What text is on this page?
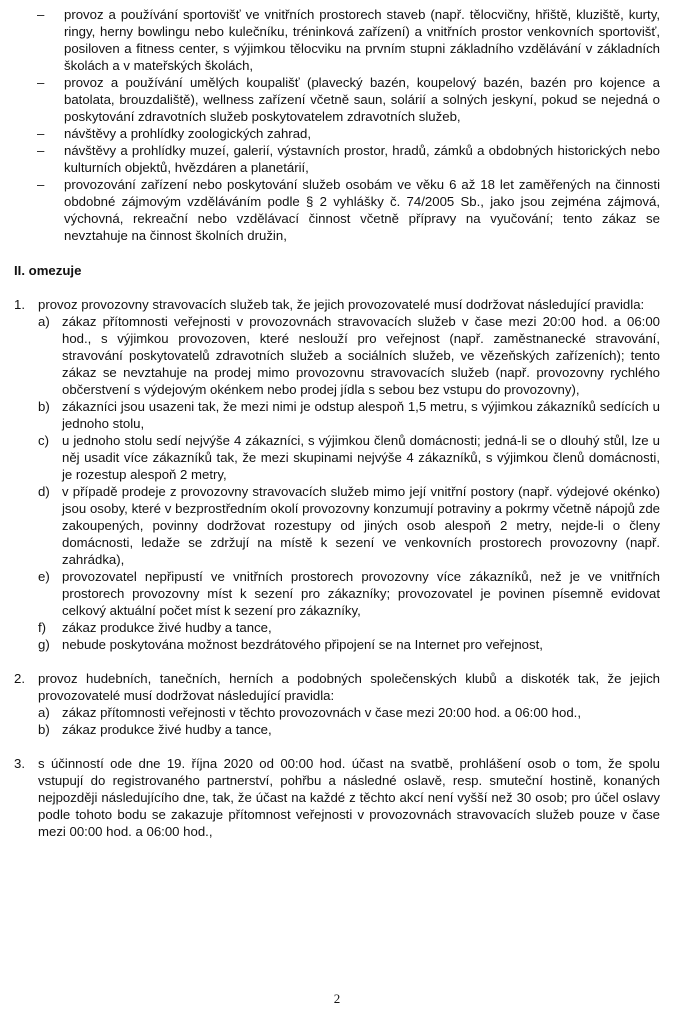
–	provoz a používání sportovišť ve vnitřních prostorech staveb (např. tělocvičny, hřiště, kluziště, kurty, ringy, herny bowlingu nebo kulečníku, tréninková zařízení) a vnitřních prostor venkovních sportovišť, posiloven a fitness center, s výjimkou tělocviku na prvním stupni základního vzdělávání v základních školách a v mateřských školách,
–	provoz a používání umělých koupališť (plavecký bazén, koupelový bazén, bazén pro kojence a batolata, brouzdaliště), wellness zařízení včetně saun, solárií a solných jeskyní, pokud se nejedná o poskytování zdravotních služeb poskytovatelem zdravotních služeb,
–	návštěvy a prohlídky zoologických zahrad,
–	návštěvy a prohlídky muzeí, galerií, výstavních prostor, hradů, zámků a obdobných historických nebo kulturních objektů, hvězdáren a planetárií,
–	provozování zařízení nebo poskytování služeb osobám ve věku 6 až 18 let zaměřených na činnosti obdobné zájmovým vzděláváním podle § 2 vyhlášky č. 74/2005 Sb., jako jsou zejména zájmová, výchovná, rekreační nebo vzdělávací činnost včetně přípravy na vyučování; tento zákaz se nevztahuje na činnost školních družin,
II. omezuje
1. provoz provozovny stravovacích služeb tak, že jejich provozovatelé musí dodržovat následující pravidla:
a) zákaz přítomnosti veřejnosti v provozovnách stravovacích služeb v čase mezi 20:00 hod. a 06:00 hod., s výjimkou provozoven, které neslouží pro veřejnost (např. zaměstnanecké stravování, stravování poskytovatelů zdravotních služeb a sociálních služeb, ve vězeňských zařízeních); tento zákaz se nevztahuje na prodej mimo provozovnu stravovacích služeb (např. provozovny rychlého občerstvení s výdejovým okénkem nebo prodej jídla s sebou bez vstupu do provozovny),
b) zákazníci jsou usazeni tak, že mezi nimi je odstup alespoň 1,5 metru, s výjimkou zákazníků sedících u jednoho stolu,
c) u jednoho stolu sedí nejvýše 4 zákazníci, s výjimkou členů domácnosti; jedná-li se o dlouhý stůl, lze u něj usadit více zákazníků tak, že mezi skupinami nejvýše 4 zákazníků, s výjimkou členů domácnosti, je rozestup alespoň 2 metry,
d) v případě prodeje z provozovny stravovacích služeb mimo její vnitřní postory (např. výdejové okénko) jsou osoby, které v bezprostředním okolí provozovny konzumují potraviny a pokrmy včetně nápojů zde zakoupených, povinny dodržovat rozestupy od jiných osob alespoň 2 metry, nejde-li o členy domácnosti, ledaže se zdržují na místě k sezení ve venkovních prostorech provozovny (např. zahrádka),
e) provozovatel nepřipustí ve vnitřních prostorech provozovny více zákazníků, než je ve vnitřních prostorech provozovny míst k sezení pro zákazníky; provozovatel je povinen písemně evidovat celkový aktuální počet míst k sezení pro zákazníky,
f)	zákaz produkce živé hudby a tance,
g) nebude poskytována možnost bezdrátového připojení se na Internet pro veřejnost,
2. provoz hudebních, tanečních, herních a podobných společenských klubů a diskoték tak, že jejich provozovatelé musí dodržovat následující pravidla:
a) zákaz přítomnosti veřejnosti v těchto provozovnách v čase mezi 20:00 hod. a 06:00 hod.,
b) zákaz produkce živé hudby a tance,
3. s účinností ode dne 19. října 2020 od 00:00 hod. účast na svatbě, prohlášení osob o tom, že spolu vstupují do registrovaného partnerství, pohřbu a následné oslavě, resp. smuteční hostině, konaných nejpozději následujícího dne, tak, že účast na každé z těchto akcí není vyšší než 30 osob; pro účel oslavy podle tohoto bodu se zakazuje přítomnost veřejnosti v provozovnách stravovacích služeb pouze v čase mezi 00:00 hod. a 06:00 hod.,
2
